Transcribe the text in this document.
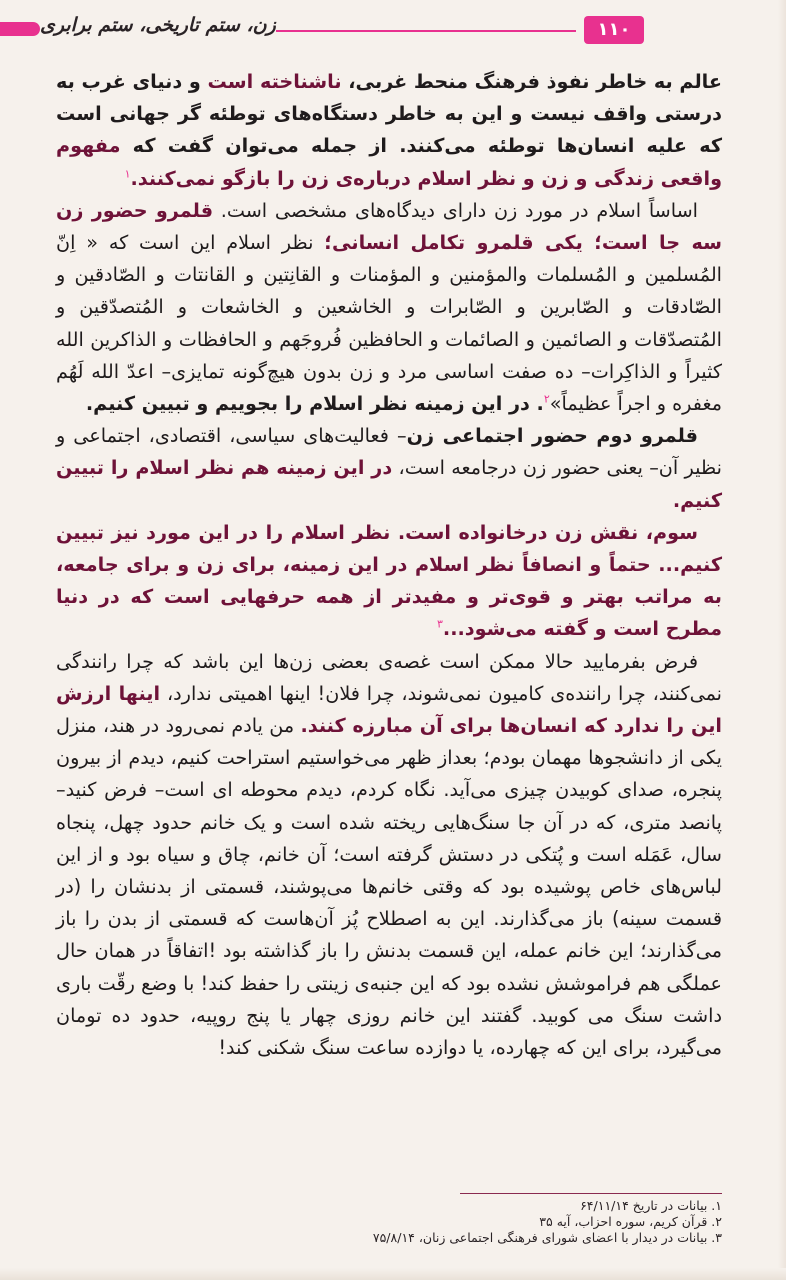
زن، ستم تاریخی، ستم برابری	۱۱۰

عالم به خاطر نفوذ فرهنگ منحط غربی، ناشناخته است و دنیای غرب به درستی واقف نیست و این به خاطر دستگاه‌های توطئه گر جهانی است که علیه انسان‌ها توطئه می‌کنند. از جمله می‌توان گفت که مفهوم واقعی زندگی و زن و نظر اسلام درباره‌ی زن را بازگو نمی‌کنند.$^۱$

اساساً اسلام در مورد زن دارای دیدگاه‌های مشخصی است. قلمرو حضور زن سه جا است؛ یکی قلمرو تکامل انسانی؛ نظر اسلام این است که « اِنّ المُسلمین و المُسلمات والمؤمنین و المؤمنات و القانِتین و القانتات و الصّادقین و الصّادقات و الصّابرین و الصّابرات و الخاشعین و الخاشعات و المُتصدّقین و المُتصدّقات و الصائمین و الصائمات و الحافظین فُروجَهم و الحافظات و الذاکرین الله کثیراً و الذاکِرات– ده صفت اساسی مرد و زن بدون هیچ‌گونه تمایزی– اعدّ الله لَهُم مغفره و اجراً عظیماً»$^۲$. در این زمینه نظر اسلام را بجوییم و تبیین کنیم.

قلمرو دوم حضور اجتماعی زن– فعالیت‌های سیاسی، اقتصادی، اجتماعی و نظیر آن– یعنی حضور زن درجامعه است، در این زمینه هم نظر اسلام را تبیین کنیم.

سوم، نقش زن درخانواده است. نظر اسلام را در این مورد نیز تبیین کنیم... حتماً و انصافاً نظر اسلام در این زمینه، برای زن و برای جامعه، به مراتب بهتر و قوی‌تر و مفیدتر از همه حرفهایی است که در دنیا مطرح است و گفته می‌شود...$^۳$

فرض بفرمایید حالا ممکن است غصه‌ی بعضی زن‌ها این باشد که چرا رانندگی نمی‌کنند، چرا راننده‌ی کامیون نمی‌شوند، چرا فلان! اینها اهمیتی ندارد، اینها ارزش این را ندارد که انسان‌ها برای آن مبارزه کنند. من یادم نمی‌رود در هند، منزل یکی از دانشجوها مهمان بودم؛ بعداز ظهر می‌خواستیم استراحت کنیم، دیدم از بیرون پنجره، صدای کوبیدن چیزی می‌آید. نگاه کردم، دیدم محوطه ای است– فرض کنید– پانصد متری، که در آن جا سنگ‌هایی ریخته شده است و یک خانم حدود چهل، پنجاه سال، عَمَله است و پُتکی در دستش گرفته است؛ آن خانم، چاق و سیاه بود و از این لباس‌های خاص پوشیده بود که وقتی خانم‌ها می‌پوشند، قسمتی از بدنشان را (در قسمت سینه) باز می‌گذارند. این به اصطلاح پُز آن‌هاست که قسمتی از بدن را باز می‌گذارند؛ این خانم عمله، این قسمت بدنش را باز گذاشته بود !اتفاقاً در همان حال عملگی هم فراموشش نشده بود که این جنبه‌ی زینتی را حفظ کند! با وضع رقّت باری داشت سنگ می کوبید. گفتند این خانم روزی چهار یا پنج روپیه، حدود ده تومان می‌گیرد، برای این که چهارده، یا دوازده ساعت سنگ شکنی کند!

۱. بیانات در تاریخ ۶۴/۱۱/۱۴
۲. قرآن کریم، سوره احزاب، آیه ۳۵
۳. بیانات در دیدار با اعضای شورای فرهنگی اجتماعی زنان، ۷۵/۸/۱۴
